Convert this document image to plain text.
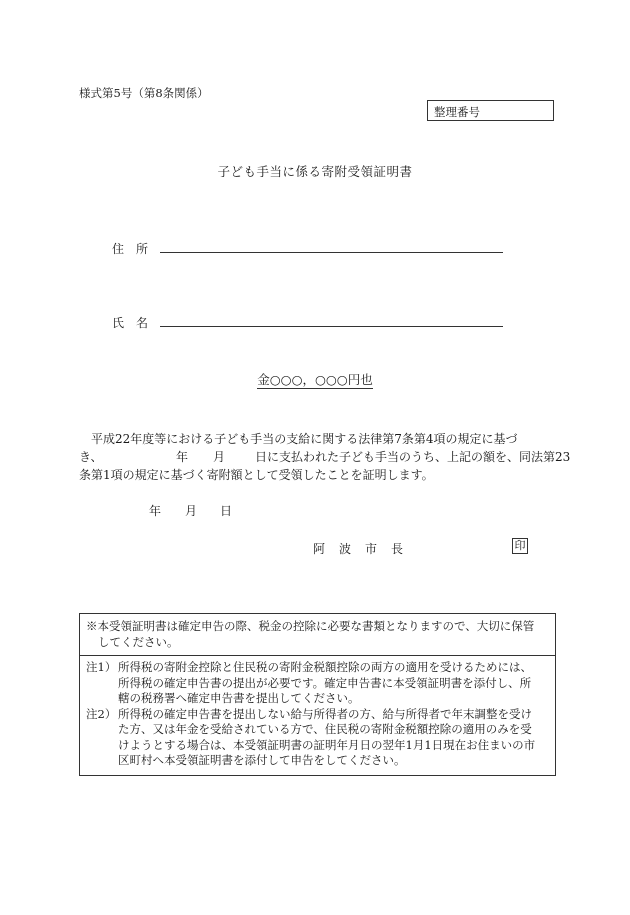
様式第5号（第8条関係）
整理番号
子ども手当に係る寄附受領証明書
住　所
氏　名
金○○○，○○○円也
平成22年度等における子ども手当の支給に関する法律第7条第4項の規定に基づ
き、	年 月 日に支払われた子ども手当のうち、上記の額を、同法第23
条第1項の規定に基づく寄附額として受領したことを証明します。
年 月 日
阿　波　市　長	印
※本受領証明書は確定申告の際、税金の控除に必要な書類となりますので、大切に保管
してください。
注1） 所得税の寄附金控除と住民税の寄附金税額控除の両方の適用を受けるためには、
所得税の確定申告書の提出が必要です。確定申告書に本受領証明書を添付し、所
轄の税務署へ確定申告書を提出してください。
注2） 所得税の確定申告書を提出しない給与所得者の方、給与所得者で年末調整を受け
た方、又は年金を受給されている方で、住民税の寄附金税額控除の適用のみを受
けようとする場合は、本受領証明書の証明年月日の翌年1月1日現在お住まいの市
区町村へ本受領証明書を添付して申告をしてください。
